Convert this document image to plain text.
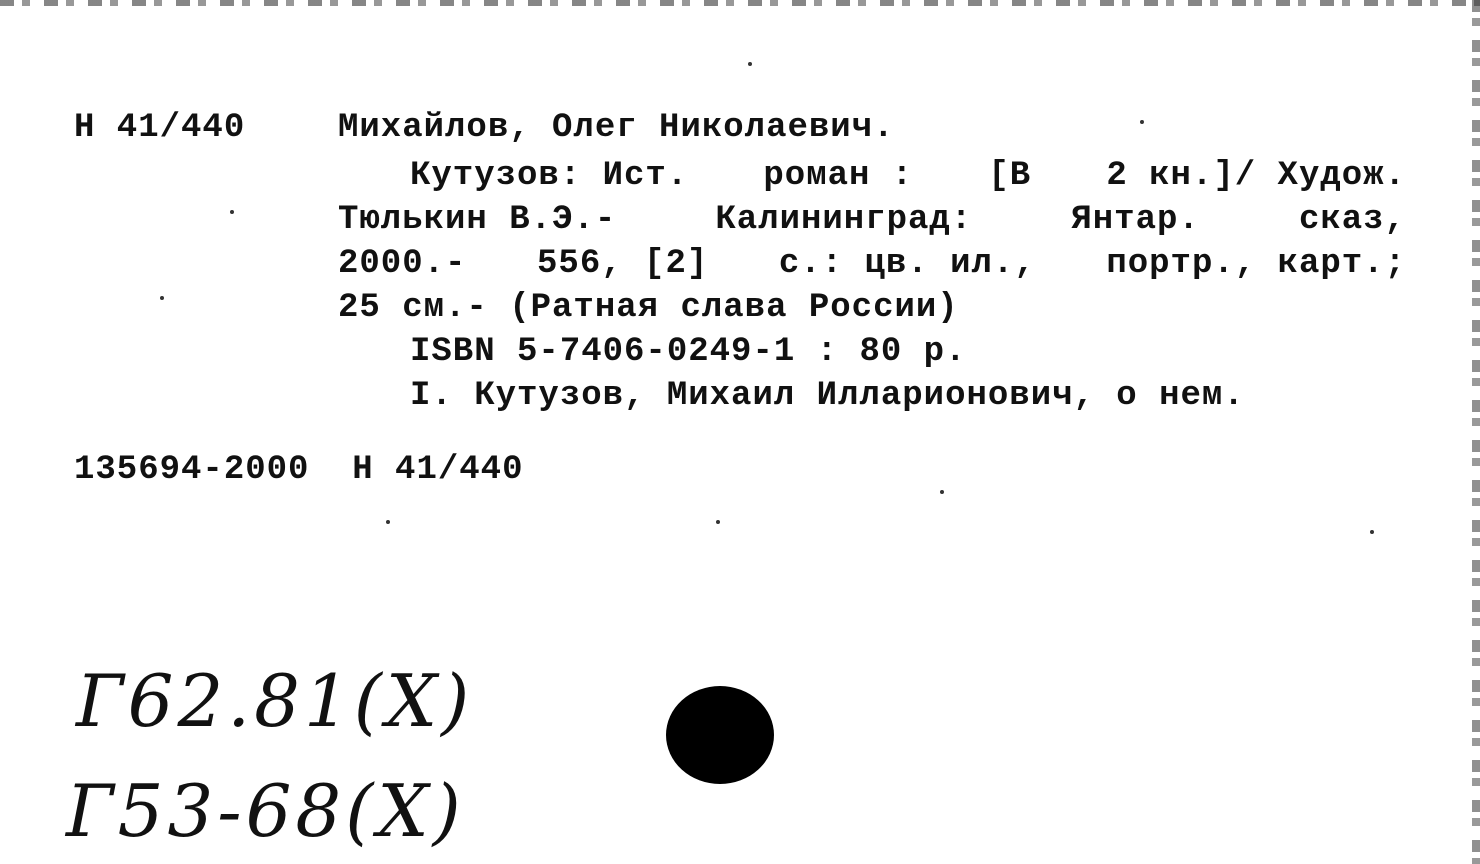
Н 41/440	Михайлов, Олег Николаевич.

Кутузов: Ист. роман : [В 2 кн.]/ Худож.
Тюлькин В.Э.-	Калининград:	Янтар.	сказ,
2000.- 556, [2] с.: цв. ил., портр., карт.;

25 см.- (Ратная слава России)

ISBN 5-7406-0249-1 : 80 р.

I. Кутузов, Михаил Илларионович, о нем.

135694-2000  Н 41/440

Г62.81(Х)
Г53-68(Х)
